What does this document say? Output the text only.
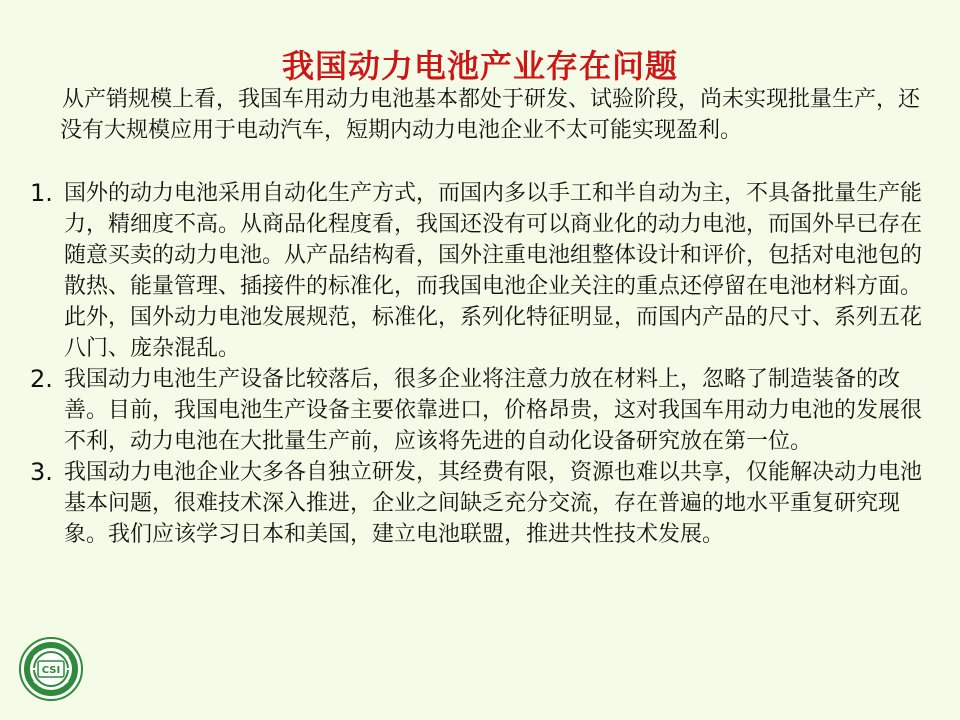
我国动力电池产业存在问题
从产销规模上看，我国车用动力电池基本都处于研发、试验阶段，尚未实现批量生产，还没有大规模应用于电动汽车，短期内动力电池企业不太可能实现盈利。
1. 国外的动力电池采用自动化生产方式，而国内多以手工和半自动为主，不具备批量生产能力，精细度不高。从商品化程度看，我国还没有可以商业化的动力电池，而国外早已存在随意买卖的动力电池。从产品结构看，国外注重电池组整体设计和评价，包括对电池包的散热、能量管理、插接件的标准化，而我国电池企业关注的重点还停留在电池材料方面。此外，国外动力电池发展规范，标准化，系列化特征明显，而国内产品的尺寸、系列五花八门、庞杂混乱。
2. 我国动力电池生产设备比较落后，很多企业将注意力放在材料上，忽略了制造装备的改善。目前，我国电池生产设备主要依靠进口，价格昂贵，这对我国车用动力电池的发展很不利，动力电池在大批量生产前，应该将先进的自动化设备研究放在第一位。
3. 我国动力电池企业大多各自独立研发，其经费有限，资源也难以共享，仅能解决动力电池基本问题，很难技术深入推进，企业之间缺乏充分交流，存在普遍的地水平重复研究现象。我们应该学习日本和美国，建立电池联盟，推进共性技术发展。
CSI
